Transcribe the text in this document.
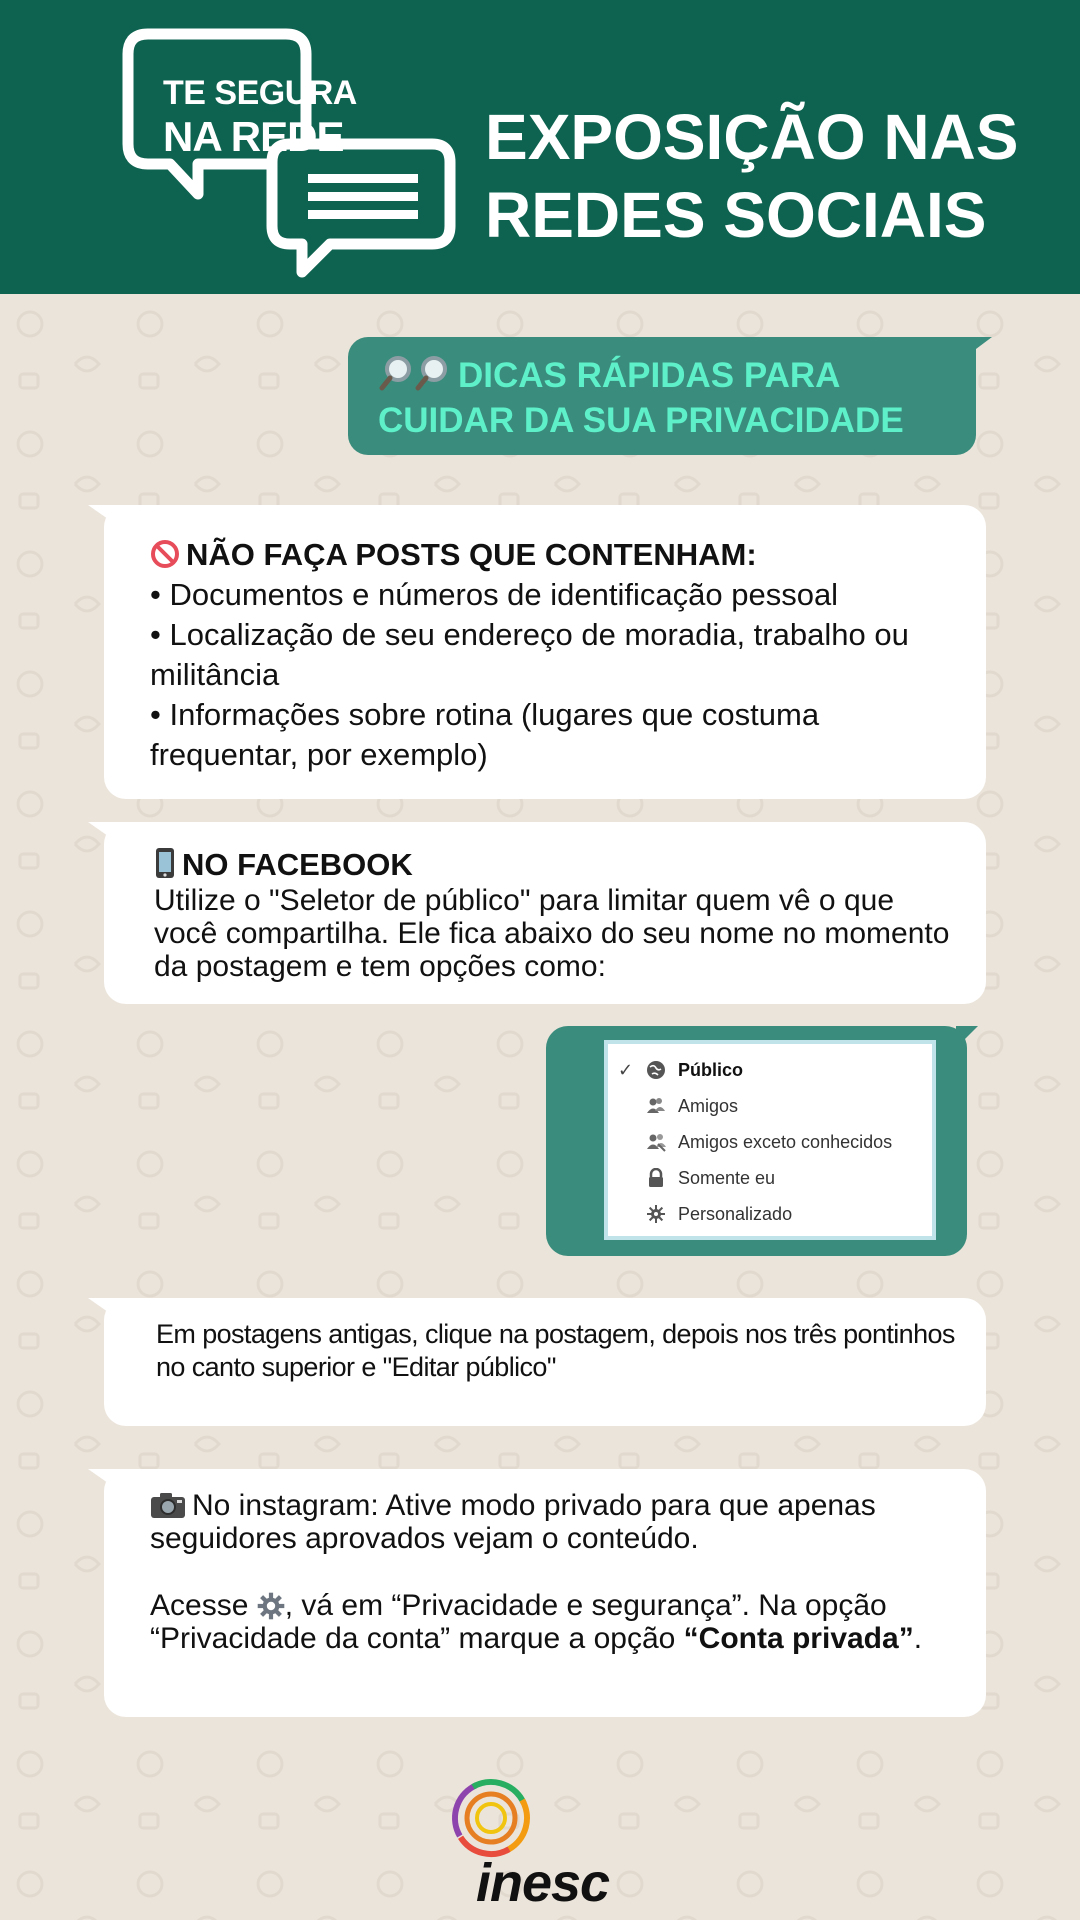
TE SEGURA
NA REDE EXPOSIÇÃO NAS
REDES SOCIAIS
DICAS RÁPIDAS PARA
CUIDAR DA SUA PRIVACIDADE
NÃO FAÇA POSTS QUE CONTENHAM:
• Documentos e números de identificação pessoal
• Localização de seu endereço de moradia, trabalho ou militância
• Informações sobre rotina (lugares que costuma frequentar, por exemplo)
NO FACEBOOK
Utilize o "Seletor de público" para limitar quem vê o que você compartilha. Ele fica abaixo do seu nome no momento da postagem e tem opções como:
✓ Público
Amigos
Amigos exceto conhecidos
Somente eu
Personalizado
Em postagens antigas, clique na postagem, depois nos três pontinhos no canto superior e "Editar público"
No instagram: Ative modo privado para que apenas seguidores aprovados vejam o conteúdo.
Acesse , vá em “Privacidade e segurança”. Na opção “Privacidade da conta” marque a opção “Conta privada”.
inesc
